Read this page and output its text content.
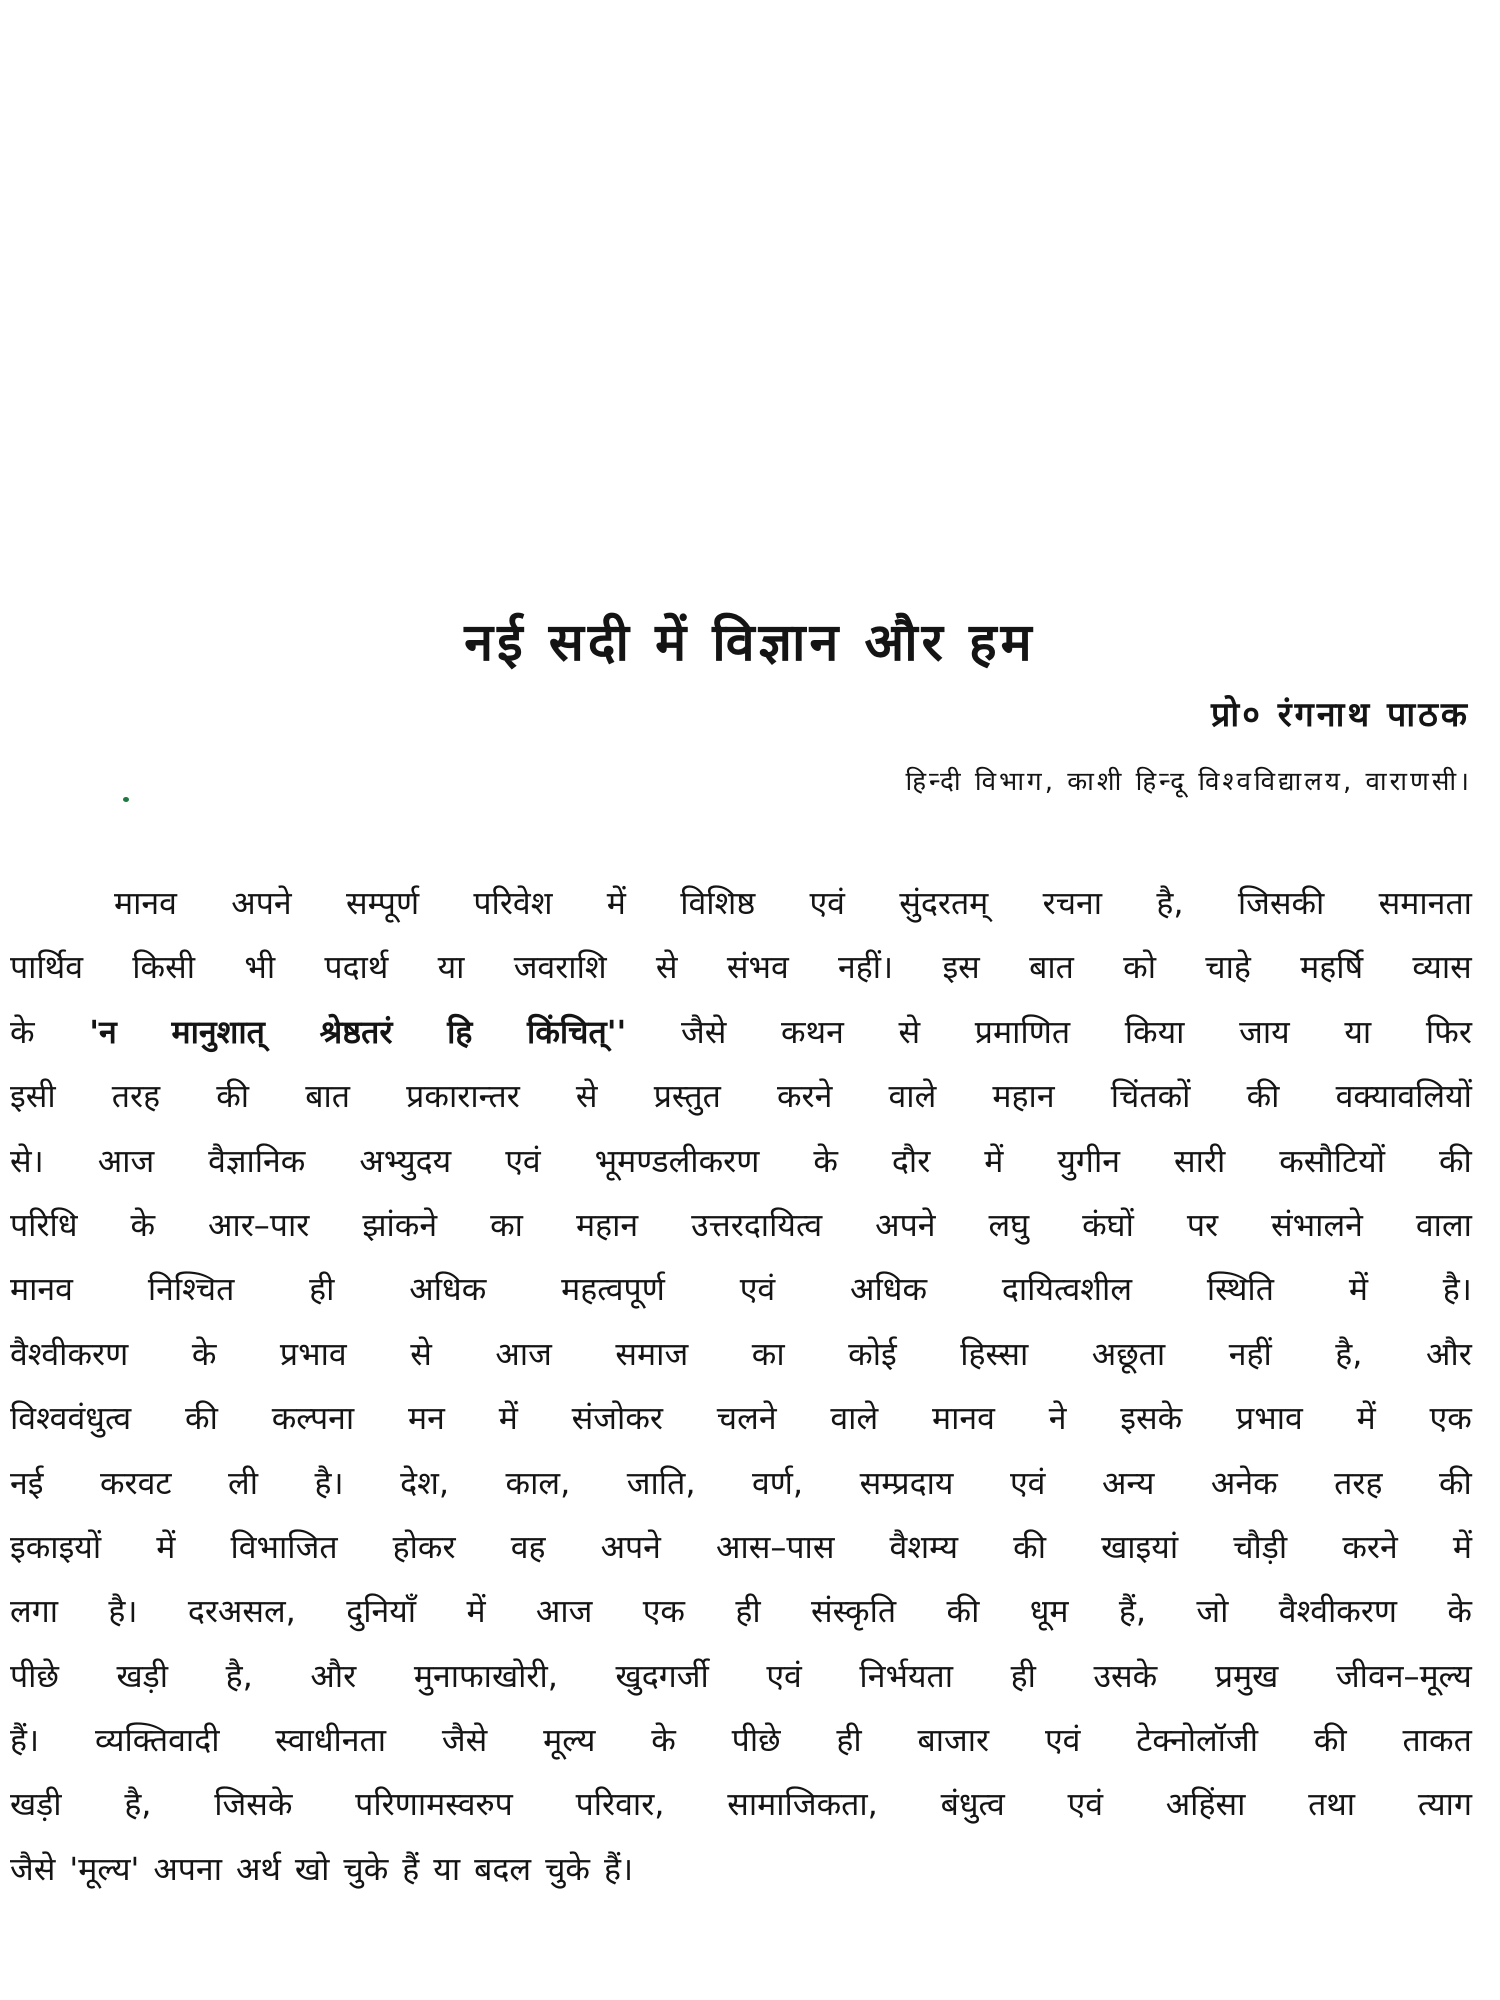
नई सदी में विज्ञान और हम
प्रो० रंगनाथ पाठक
हिन्दी विभाग, काशी हिन्दू विश्वविद्यालय, वाराणसी।
मानव अपने सम्पूर्ण परिवेश में विशिष्ठ एवं सुंदरतम् रचना है, जिसकी समानता
पार्थिव किसी भी पदार्थ या जवराशि से संभव नहीं। इस बात को चाहे महर्षि व्यास
के 'न मानुशात् श्रेष्ठतरं हि किंचित्'' जैसे कथन से प्रमाणित किया जाय या फिर
इसी तरह की बात प्रकारान्तर से प्रस्तुत करने वाले महान चिंतकों की वक्यावलियों
से। आज वैज्ञानिक अभ्युदय एवं भूमण्डलीकरण के दौर में युगीन सारी कसौटियों की
परिधि के आर–पार झांकने का महान उत्तरदायित्व अपने लघु कंघों पर संभालने वाला
मानव निश्चित ही अधिक महत्वपूर्ण एवं अधिक दायित्वशील स्थिति में है।
वैश्वीकरण के प्रभाव से आज समाज का कोई हिस्सा अछूता नहीं है, और
विश्ववंधुत्व की कल्पना मन में संजोकर चलने वाले मानव ने इसके प्रभाव में एक
नई करवट ली है। देश, काल, जाति, वर्ण, सम्प्रदाय एवं अन्य अनेक तरह की
इकाइयों में विभाजित होकर वह अपने आस–पास वैशम्य की खाइयां चौड़ी करने में
लगा है। दरअसल, दुनियाँ में आज एक ही संस्कृति की धूम हैं, जो वैश्वीकरण के
पीछे खड़ी है, और मुनाफाखोरी, खुदगर्जी एवं निर्भयता ही उसके प्रमुख जीवन–मूल्य
हैं। व्यक्तिवादी स्वाधीनता जैसे मूल्य के पीछे ही बाजार एवं टेक्नोलॉजी की ताकत
खड़ी है, जिसके परिणामस्वरुप परिवार, सामाजिकता, बंधुत्व एवं अहिंसा तथा त्याग
जैसे 'मूल्य' अपना अर्थ खो चुके हैं या बदल चुके हैं।
